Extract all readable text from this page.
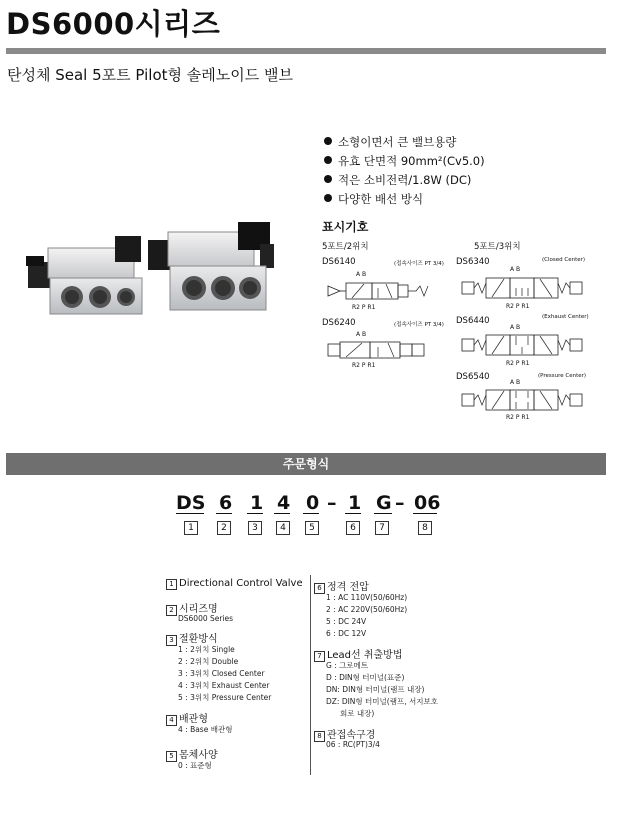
DS6000시리즈
탄성체 Seal 5포트 Pilot형 솔레노이드 밸브
소형이면서 큰 밸브용량
유효 단면적 90mm²(Cv5.0)
적은 소비전력/1.8W (DC)
다양한 배선 방식
표시기호
5포트/2위치	5포트/3위치
DS6140	(접속사이즈 PT 3/4)
A B
R2 P R1
DS6240	(접속사이즈 PT 3/4)
A B
R2 P R1
DS6340	(Closed Center)
A B
R2 P R1
DS6440	(Exhaust Center)
A B
R2 P R1
DS6540	(Pressure Center)
A B
R2 P R1
주문형식
DS 6 1 4 0 – 1 G – 06
1	2	3	4	5	6	7	8
1 Directional Control Valve
2 시리즈명
DS6000 Series
3 절환방식
1 : 2위치 Single
2 : 2위치 Double
3 : 3위치 Closed Center
4 : 3위치 Exhaust Center
5 : 3위치 Pressure Center
4 배관형
4 : Base 배관형
5 몸체사양
0 : 표준형
6 정격 전압
1 : AC 110V(50/60Hz)
2 : AC 220V(50/60Hz)
5 : DC 24V
6 : DC 12V
7 Lead선 취출방법
G : 그로메트
D : DIN형 터미널(표준)
DN: DIN형 터미널(램프 내장)
DZ: DIN형 터미널(램프, 서지보호
회로 내장)
8 관접속구경
06 : RC(PT)3/4
